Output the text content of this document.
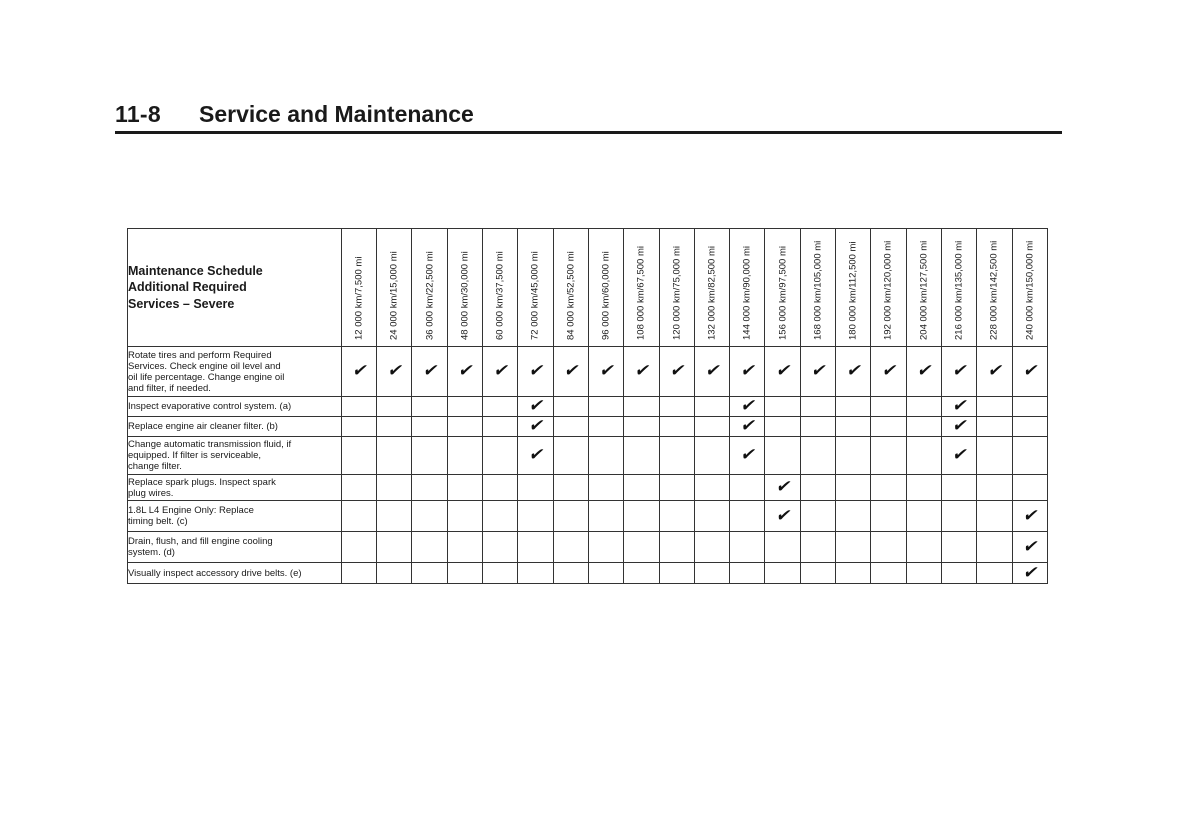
11-8 Service and Maintenance
Maintenance Schedule
Additional Required
Services – Severe	12 000 km/7,500 mi	24 000 km/15,000 mi	36 000 km/22,500 mi	48 000 km/30,000 mi	60 000 km/37,500 mi	72 000 km/45,000 mi	84 000 km/52,500 mi	96 000 km/60,000 mi	108 000 km/67,500 mi	120 000 km/75,000 mi	132 000 km/82,500 mi	144 000 km/90,000 mi	156 000 km/97,500 mi	168 000 km/105,000 mi	180 000 km/112,500 mi	192 000 km/120,000 mi	204 000 km/127,500 mi	216 000 km/135,000 mi	228 000 km/142,500 mi	240 000 km/150,000 mi

Rotate tires and perform Required
Services. Check engine oil level and
oil life percentage. Change engine oil
and filter, if needed.	✔	✔	✔	✔	✔	✔	✔	✔	✔	✔	✔	✔	✔	✔	✔	✔	✔	✔	✔	✔

Inspect evaporative control system. (a)						✔						✔						✔		

Replace engine air cleaner filter. (b)						✔						✔						✔		

Change automatic transmission fluid, if
equipped. If filter is serviceable,
change filter.						✔						✔						✔		

Replace spark plugs. Inspect spark
plug wires.													✔							

1.8L L4 Engine Only: Replace
timing belt. (c)													✔							✔

Drain, flush, and fill engine cooling
system. (d)																				✔

Visually inspect accessory drive belts. (e)																				✔
